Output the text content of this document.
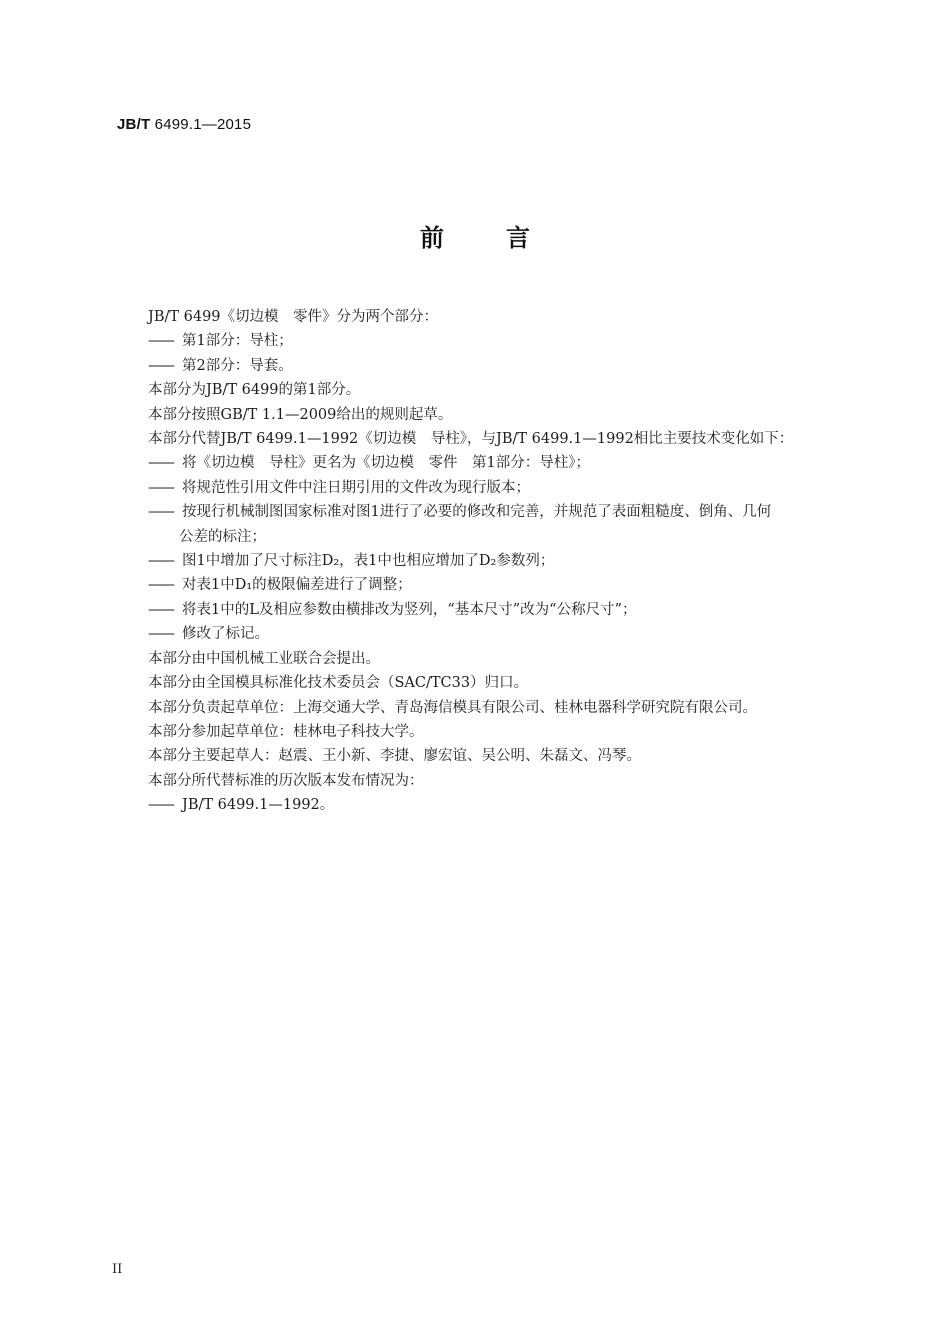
JB/T 6499.1—2015
前言
JB/T 6499《切边模　零件》分为两个部分：
—— 第1部分：导柱；
—— 第2部分：导套。
本部分为JB/T 6499的第1部分。
本部分按照GB/T 1.1—2009给出的规则起草。
本部分代替JB/T 6499.1—1992《切边模　导柱》，与JB/T 6499.1—1992相比主要技术变化如下：
—— 将《切边模　导柱》更名为《切边模　零件　第1部分：导柱》；
—— 将规范性引用文件中注日期引用的文件改为现行版本；
—— 按现行机械制图国家标准对图1进行了必要的修改和完善，并规范了表面粗糙度、倒角、几何
公差的标注；
—— 图1中增加了尺寸标注D₂，表1中也相应增加了D₂参数列；
—— 对表1中D₁的极限偏差进行了调整；
—— 将表1中的L及相应参数由横排改为竖列，“基本尺寸”改为“公称尺寸”；
—— 修改了标记。
本部分由中国机械工业联合会提出。
本部分由全国模具标准化技术委员会（SAC/TC33）归口。
本部分负责起草单位：上海交通大学、青岛海信模具有限公司、桂林电器科学研究院有限公司。
本部分参加起草单位：桂林电子科技大学。
本部分主要起草人：赵震、王小新、李捷、廖宏谊、吴公明、朱磊文、冯琴。
本部分所代替标准的历次版本发布情况为：
—— JB/T 6499.1—1992。
II
